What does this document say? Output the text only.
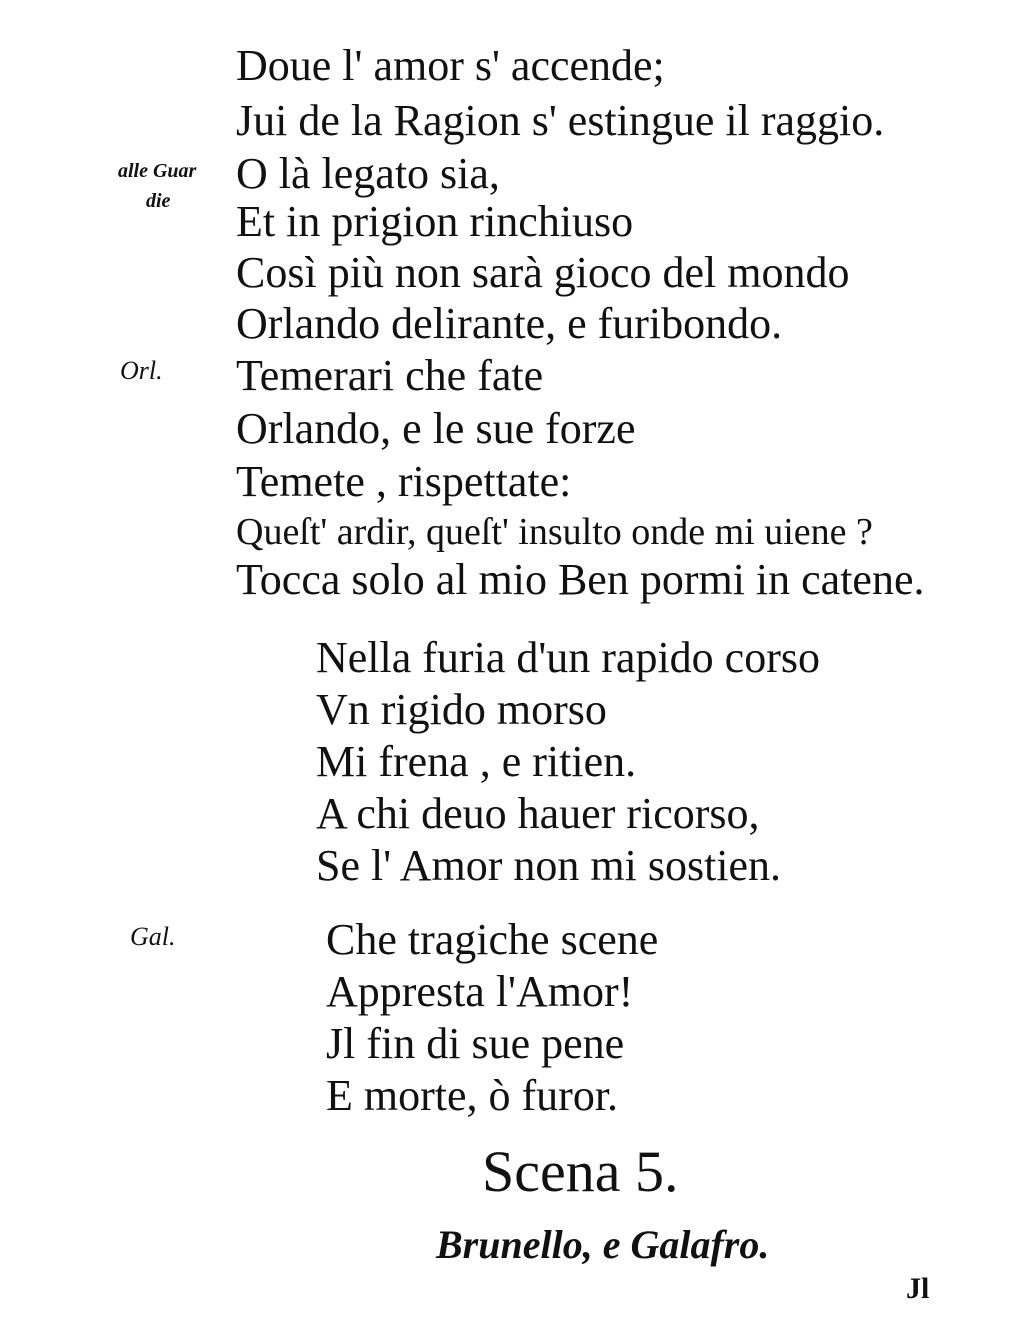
alle Guar
die
Orl.
Gal.
Doue l' amor s' accende;
Jui de la Ragion s' estingue il raggio.
O là legato sia,
Et in prigion rinchiuso
Così più non sarà gioco del mondo
Orlando delirante, e furibondo.
Temerari che fate
Orlando, e le sue forze
Temete , rispettate:
Queſt' ardir, queſt' insulto onde mi uiene ?
Tocca solo al mio Ben pormi in catene.
Nella furia d'un rapido corso
Vn rigido morso
Mi frena , e ritien.
A chi deuo hauer ricorso,
Se l' Amor non mi sostien.
Che tragiche scene
Appresta l'Amor!
Jl fin di sue pene
E morte, ò furor.
Scena 5.
Brunello, e Galafro.
Jl
